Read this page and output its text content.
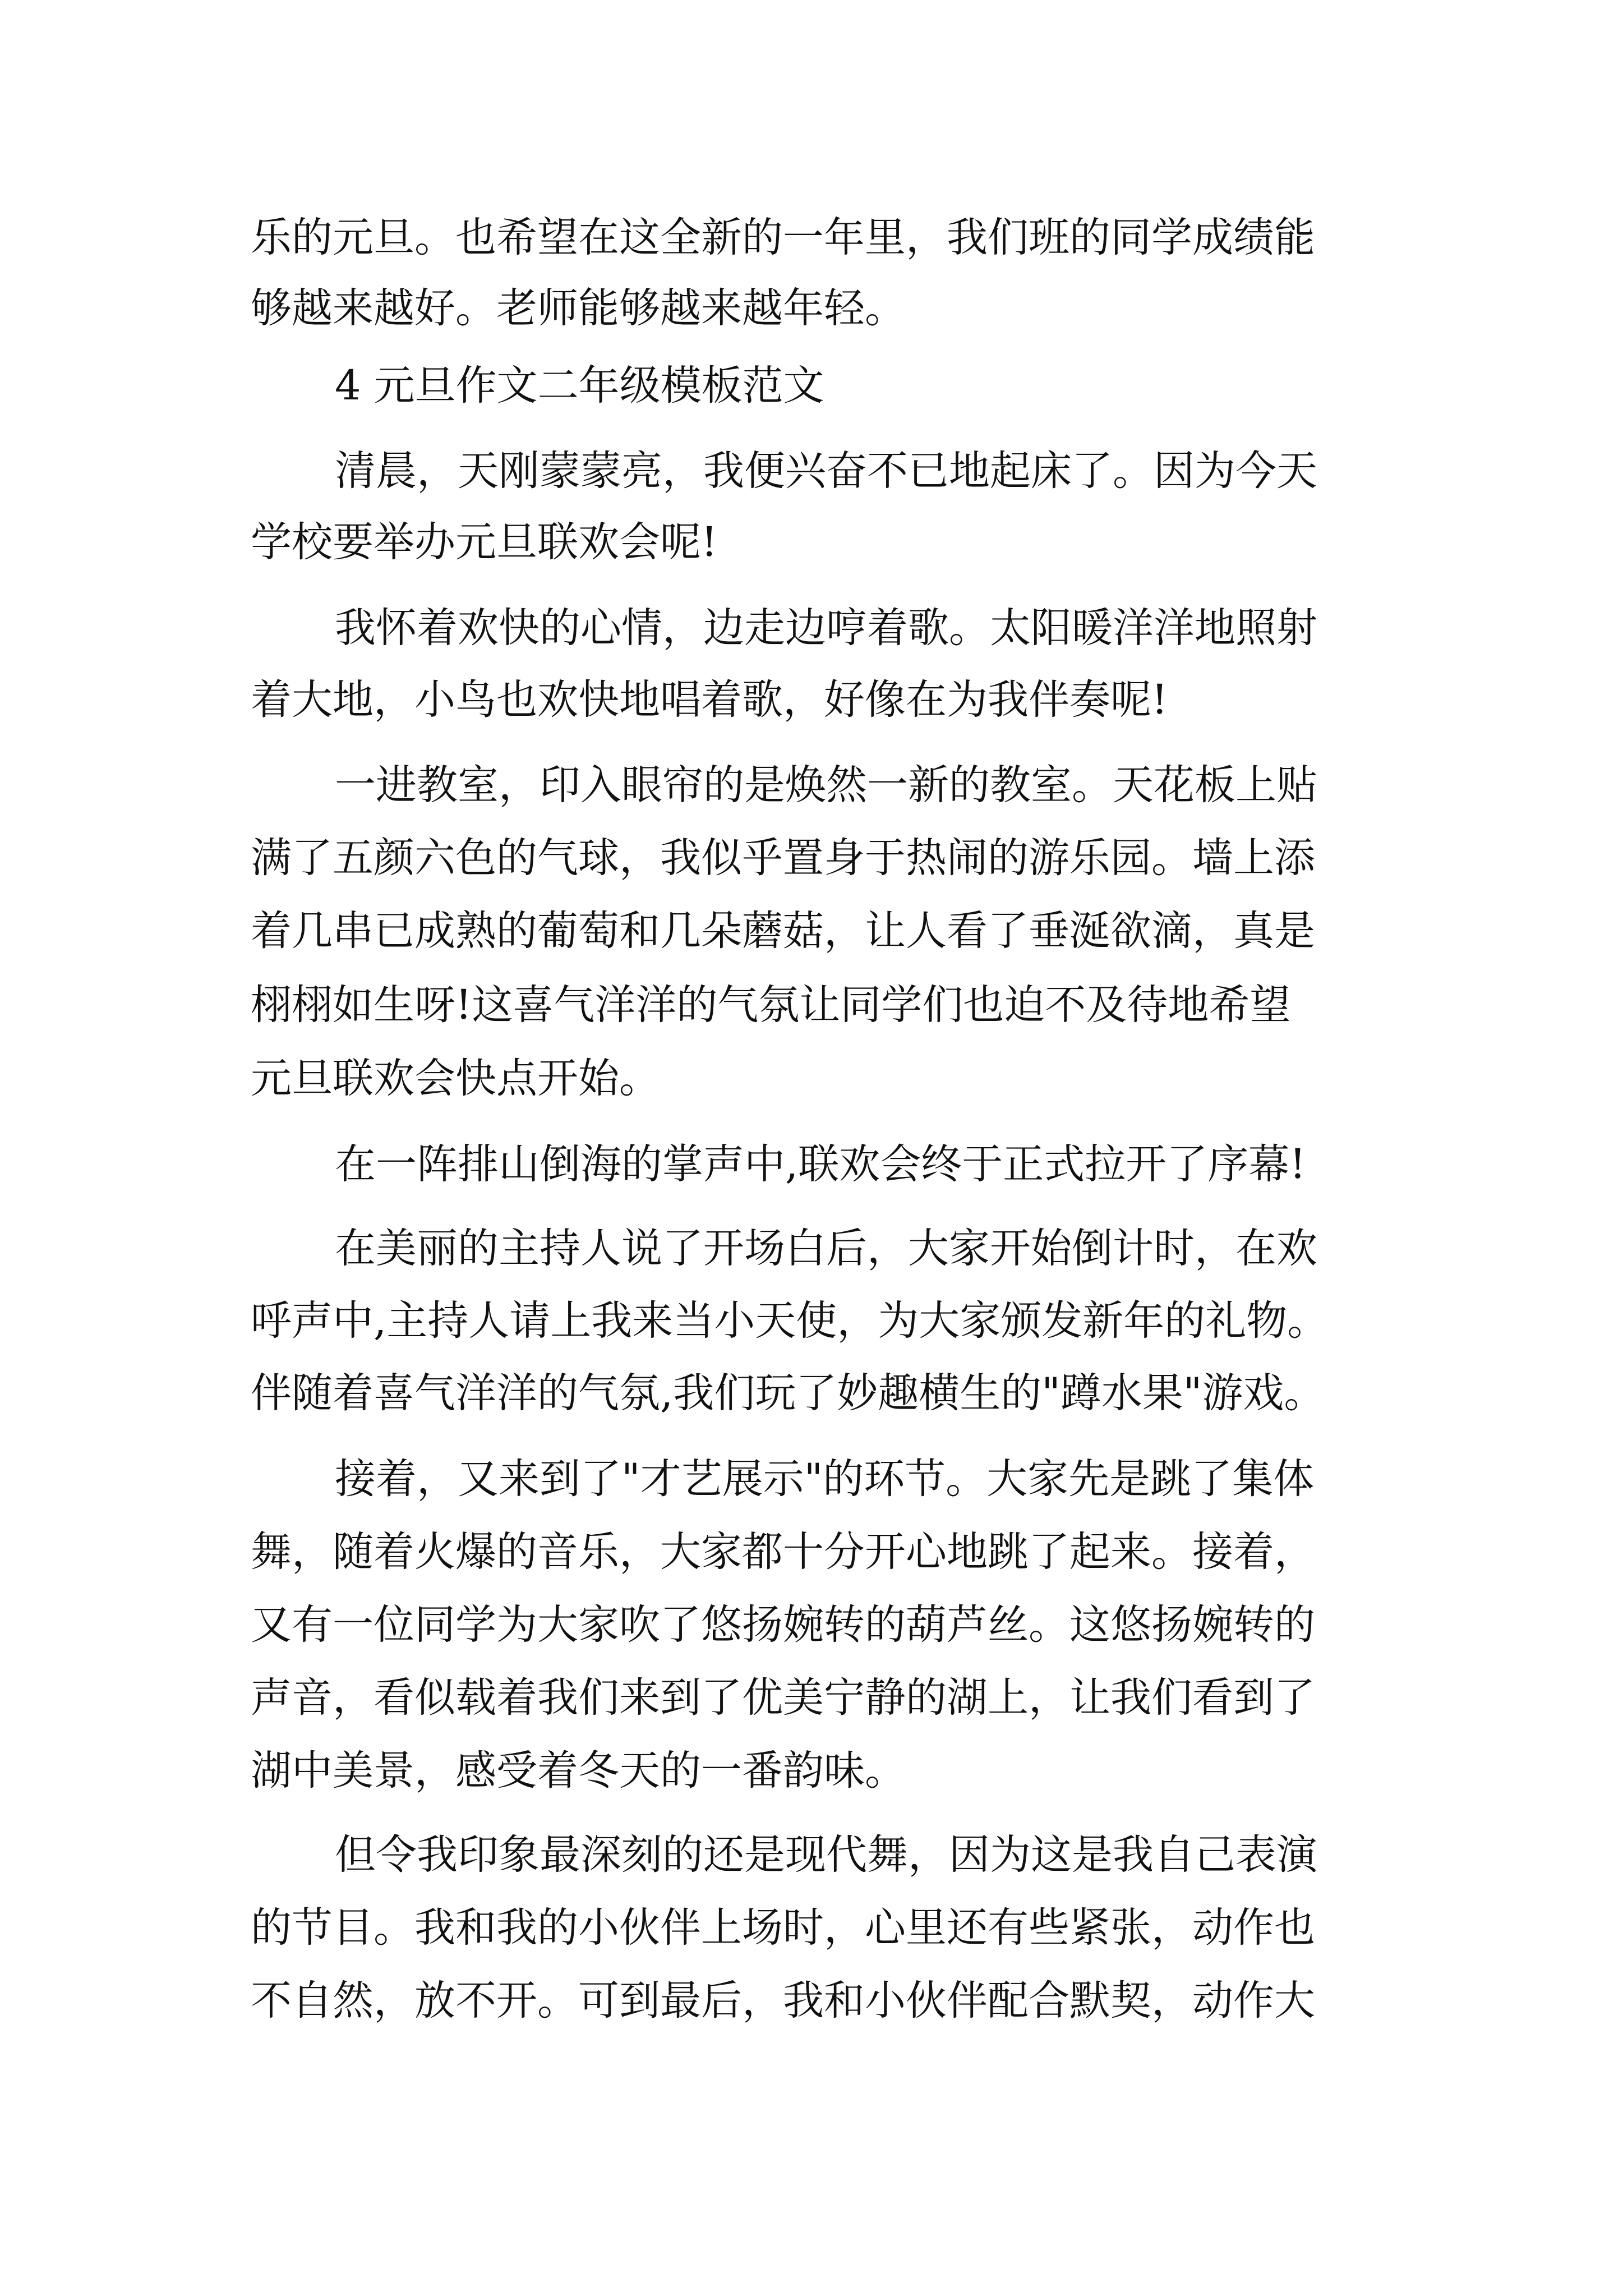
乐的元旦。也希望在这全新的一年里，我们班的同学成绩能
够越来越好。老师能够越来越年轻。
4 元旦作文二年级模板范文
清晨，天刚蒙蒙亮，我便兴奋不已地起床了。因为今天
学校要举办元旦联欢会呢!
我怀着欢快的心情，边走边哼着歌。太阳暖洋洋地照射
着大地，小鸟也欢快地唱着歌，好像在为我伴奏呢!
一进教室，印入眼帘的是焕然一新的教室。天花板上贴
满了五颜六色的气球，我似乎置身于热闹的游乐园。墙上添
着几串已成熟的葡萄和几朵蘑菇，让人看了垂涎欲滴，真是
栩栩如生呀!这喜气洋洋的气氛让同学们也迫不及待地希望
元旦联欢会快点开始。
在一阵排山倒海的掌声中,联欢会终于正式拉开了序幕!
在美丽的主持人说了开场白后，大家开始倒计时，在欢
呼声中,主持人请上我来当小天使，为大家颁发新年的礼物。
伴随着喜气洋洋的气氛,我们玩了妙趣横生的"蹲水果"游戏。
接着，又来到了"才艺展示"的环节。大家先是跳了集体
舞，随着火爆的音乐，大家都十分开心地跳了起来。接着，
又有一位同学为大家吹了悠扬婉转的葫芦丝。这悠扬婉转的
声音，看似载着我们来到了优美宁静的湖上，让我们看到了
湖中美景，感受着冬天的一番韵味。
但令我印象最深刻的还是现代舞，因为这是我自己表演
的节目。我和我的小伙伴上场时，心里还有些紧张，动作也
不自然，放不开。可到最后，我和小伙伴配合默契，动作大
